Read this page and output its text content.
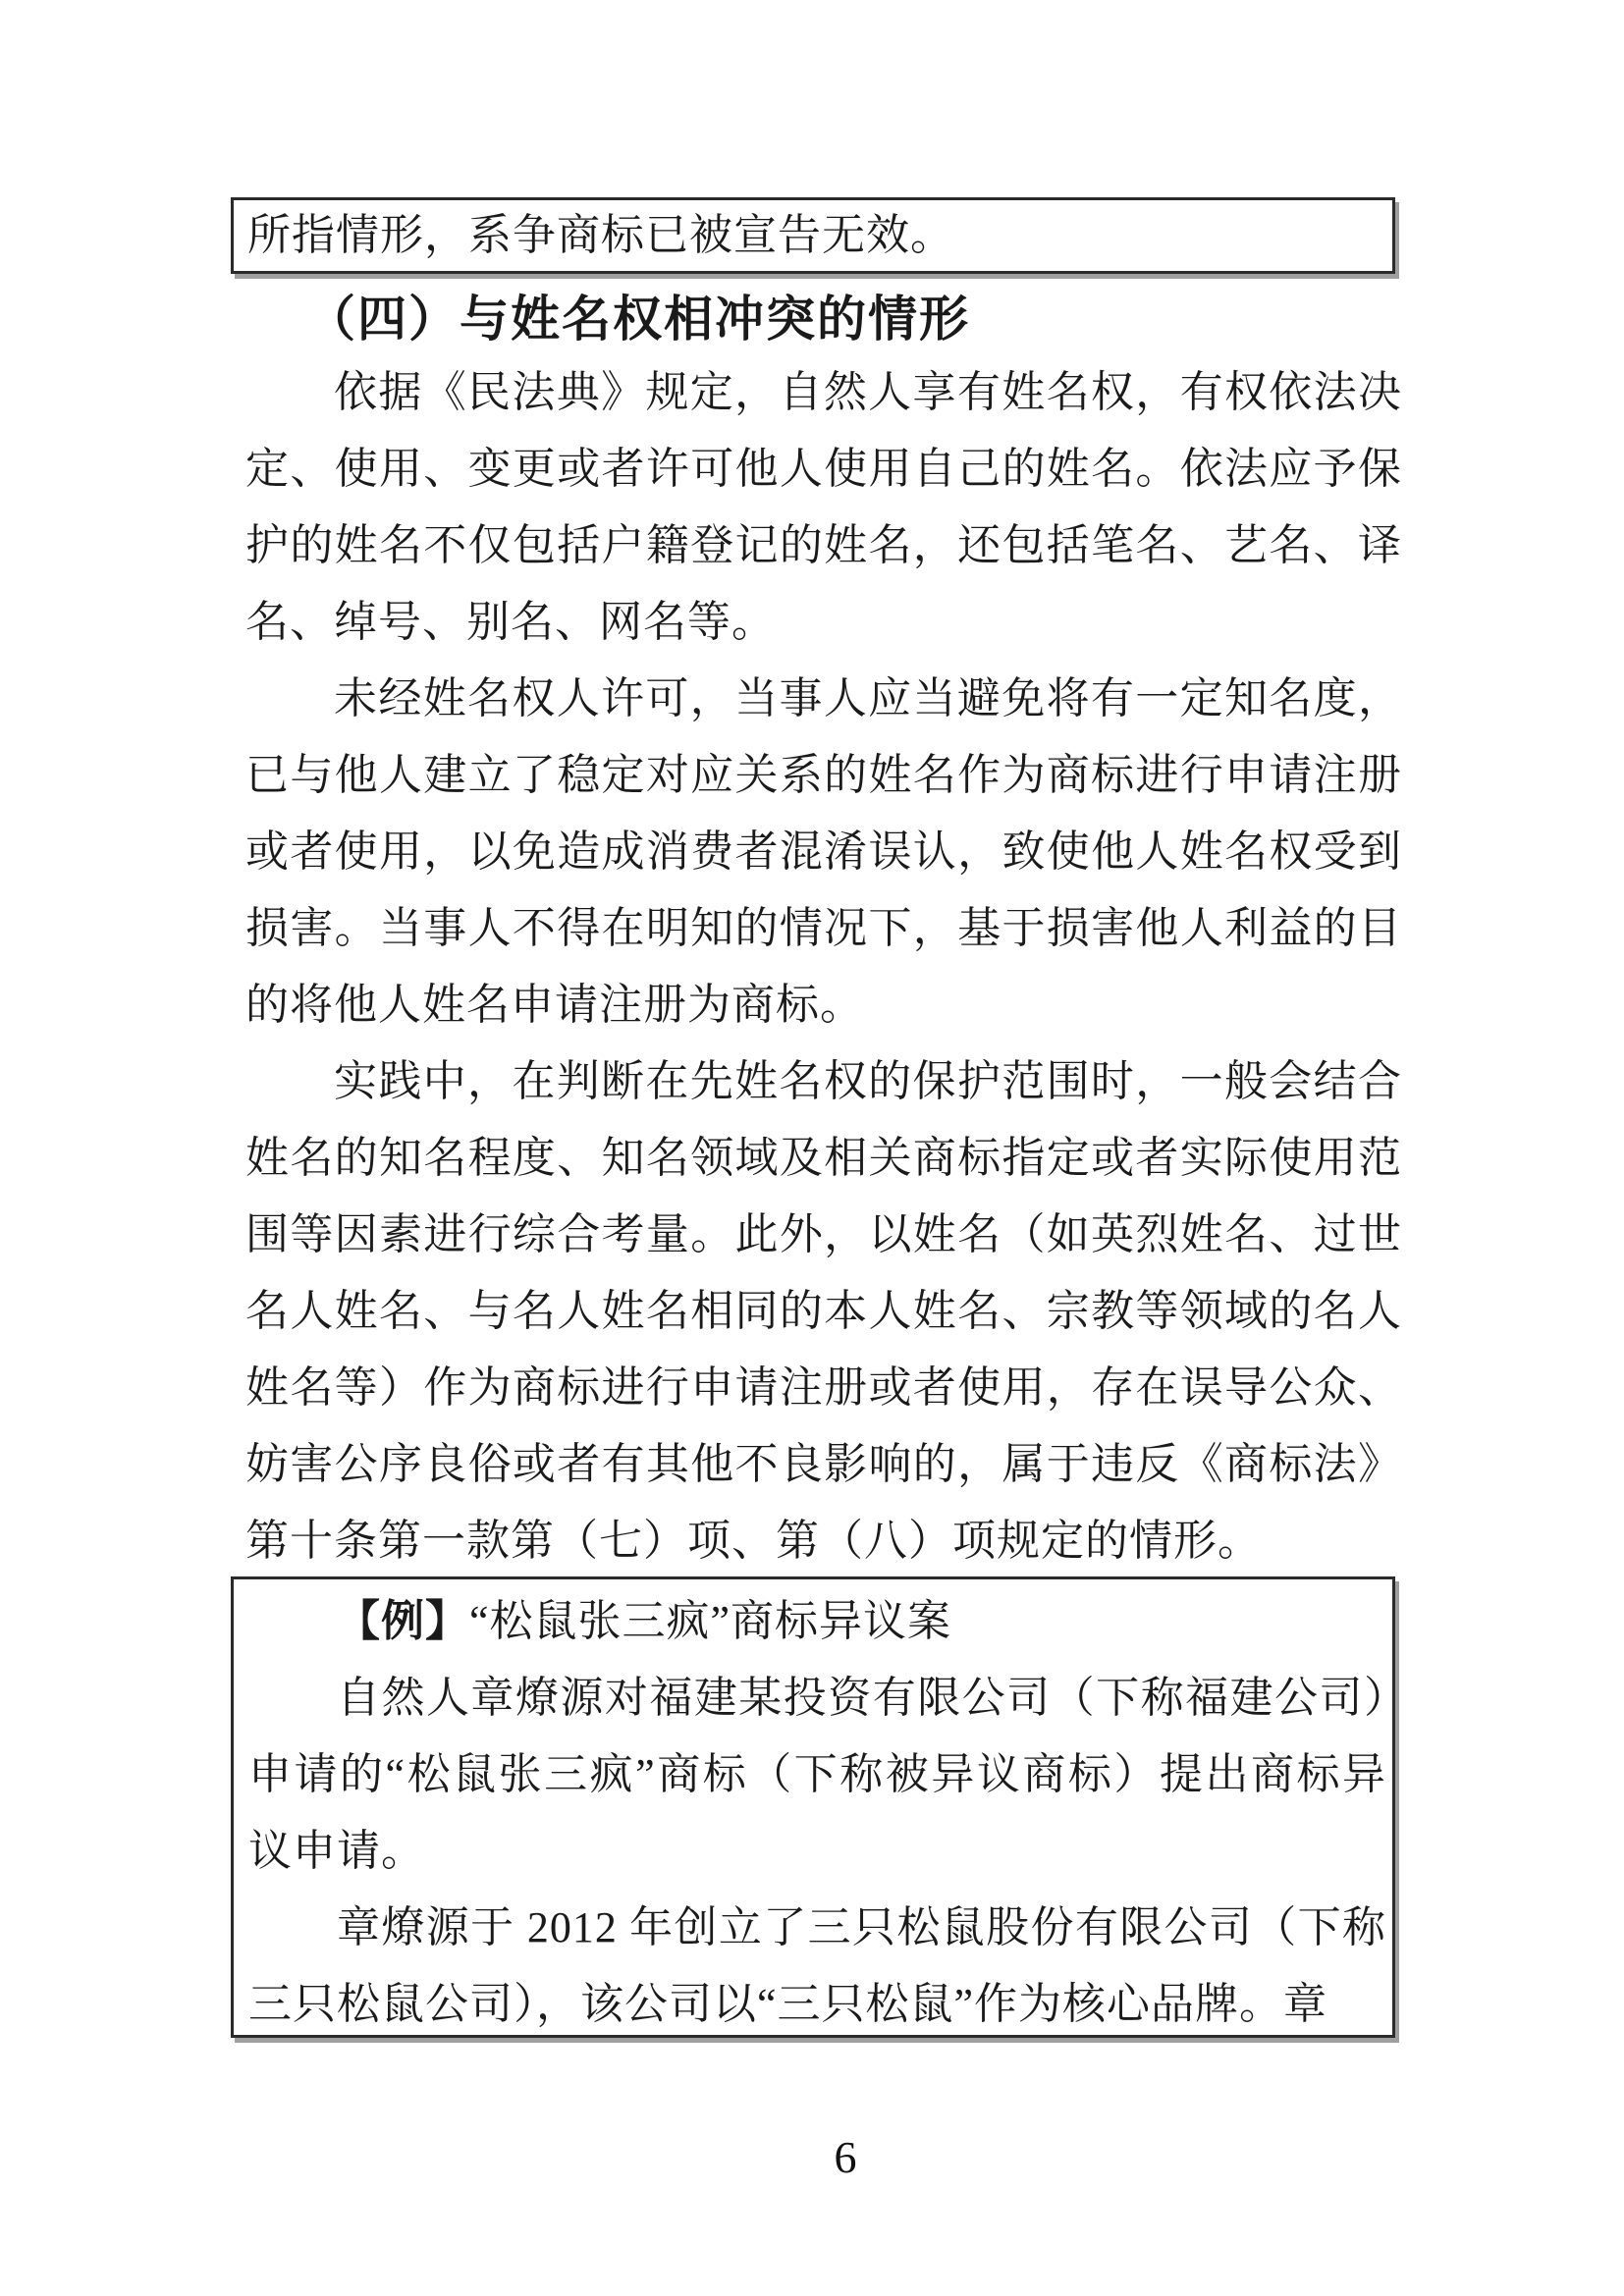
所指情形，系争商标已被宣告无效。

（四）与姓名权相冲突的情形

依据《民法典》规定，自然人享有姓名权，有权依法决定、使用、变更或者许可他人使用自己的姓名。依法应予保护的姓名不仅包括户籍登记的姓名，还包括笔名、艺名、译名、绰号、别名、网名等。

未经姓名权人许可，当事人应当避免将有一定知名度，已与他人建立了稳定对应关系的姓名作为商标进行申请注册或者使用，以免造成消费者混淆误认，致使他人姓名权受到损害。当事人不得在明知的情况下，基于损害他人利益的目的将他人姓名申请注册为商标。

实践中，在判断在先姓名权的保护范围时，一般会结合姓名的知名程度、知名领域及相关商标指定或者实际使用范围等因素进行综合考量。此外，以姓名（如英烈姓名、过世名人姓名、与名人姓名相同的本人姓名、宗教等领域的名人姓名等）作为商标进行申请注册或者使用，存在误导公众、妨害公序良俗或者有其他不良影响的，属于违反《商标法》第十条第一款第（七）项、第（八）项规定的情形。

【例】“松鼠张三疯”商标异议案

自然人章燎源对福建某投资有限公司（下称福建公司）申请的“松鼠张三疯”商标（下称被异议商标）提出商标异议申请。

章燎源于 2012 年创立了三只松鼠股份有限公司（下称三只松鼠公司），该公司以“三只松鼠”作为核心品牌。章

6
